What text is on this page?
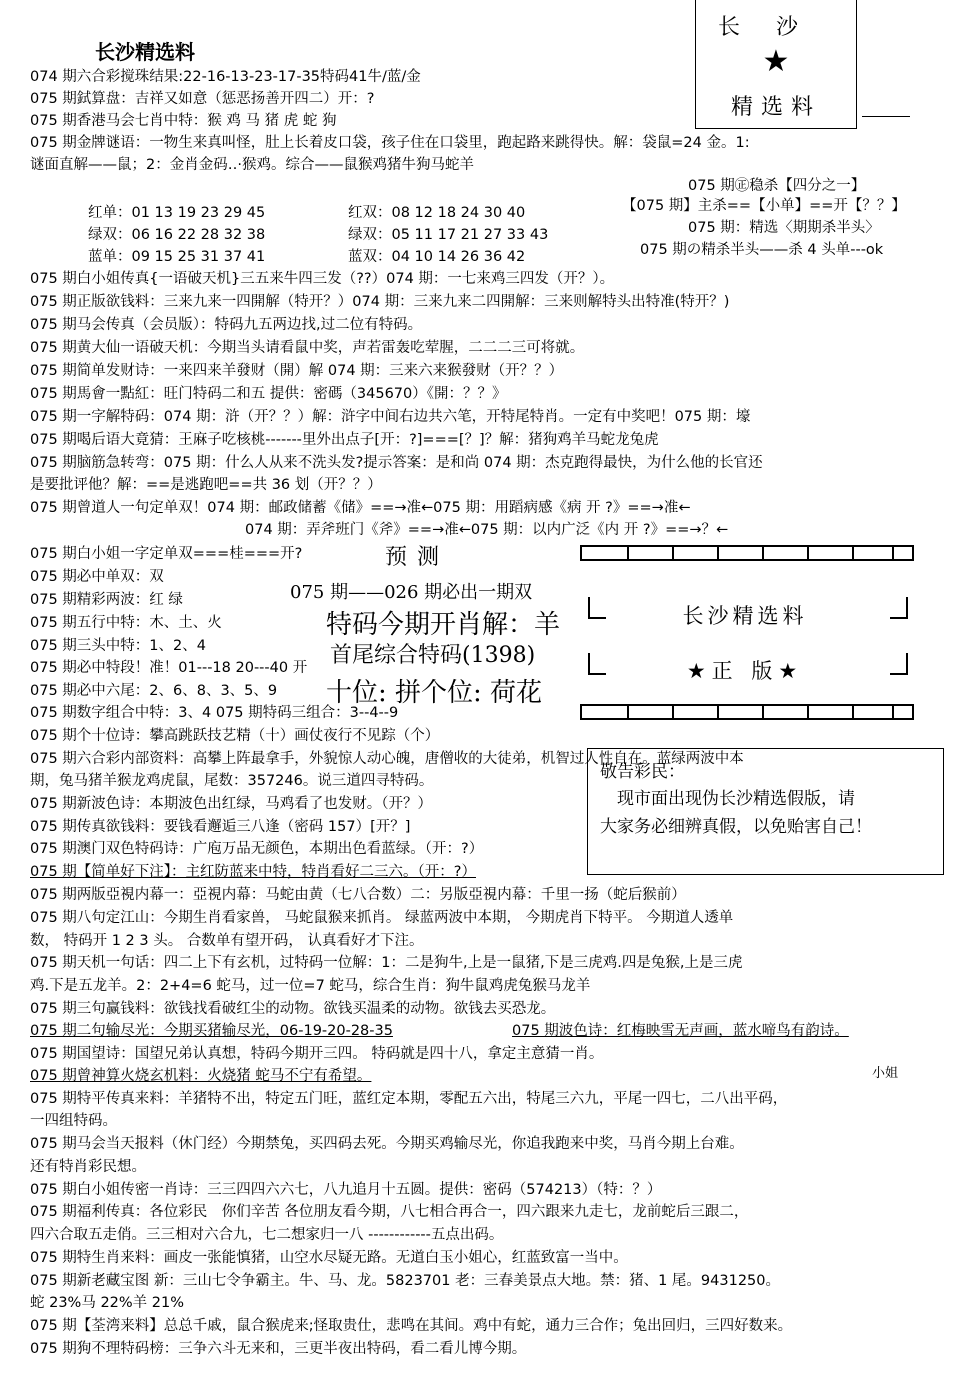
长沙精选料
长沙
★
精选料
074 期六合彩搅珠结果:22-16-13-23-17-35特码41牛/蓝/金
075 期鉽算盘：吉祥又如意（惩恶扬善开四二）开：?
075 期香港马会七肖中特：猴 鸡 马 猪 虎 蛇 狗
075 期金牌谜语：一物生来真叫怪，肚上长着皮口袋，孩子住在口袋里，跑起路来跳得快。解：袋鼠=24 金。1:
谜面直解——鼠；2：金肖金码‥·猴鸡。综合——鼠猴鸡猪牛狗马蛇羊
075 期㊣稳杀【四分之一】
【075 期】主杀==【小单】==开【？？】
075 期：精选〈期期杀半头〉
075 期の精杀半头——杀 4 头单---ok
红单：01 13 19 23 29 45	红双：08 12 18 24 30 40
绿双：06 16 22 28 32 38	绿双：05 11 17 21 27 33 43
蓝单：09 15 25 31 37 41	蓝双：04 10 14 26 36 42
075 期白小姐传真{一语破天机}三五来牛四三发（??）074 期：一七来鸡三四发（开？）。
075 期正版欲钱料：三来九来一四開解（特开？）074 期：三来九来二四開解：三来则解特头出特准(特开？)
075 期马会传真（会员版）：特码九五两边找,过二位有特码。
075 期黄大仙一语破天机：今期当头请看鼠中奖，声若雷轰吃荤腥，二二二三可将就。
075 期简单发财诗：一来四来羊發财（開）解 074 期：三来六来猴發财（开？？）
075 期馬會一點紅：旺门特码二和五 提供：密碼（345670）《開：？？》
075 期一字解特码：074 期：浒（开？？）解：浒字中间右边共六笔，开特尾特肖。一定有中奖吧！075 期：壕
075 期喝后语大竟猜：王麻子吃核桃-------里外出点子[开：?]===[？]？解：猪狗鸡羊马蛇龙兔虎
075 期脑筋急转弯：075 期：什么人从来不洗头发?提示答案：是和尚 074 期：杰克跑得最快，为什么他的长官还
是要批评他？解：==是逃跑吧==共 36 划（开？？）
075 期曾道人一句定单双！074 期：邮政储蓄《储》==→准←075 期：用蹈病感《病 开 ?》==→准←
074 期：弄斧班门《斧》==→准←075 期：以内广泛《内 开 ?》==→？←
075 期白小姐一字定单双===桂===开?
075 期必中单双：双
075 期精彩两波：红 绿
075 期五行中特：木、土、火
075 期三头中特：1、2、4
075 期必中特段！准！01---18 20---40 开
075 期必中六尾：2、6、8、3、5、9
075 期数字组合中特：3、4 075 期特码三组合：3--4--9
075 期个十位诗：攀高跳跃技艺精（十）画仗夜行不见踪（个）
075 期六合彩内部资料：高攀上阵最拿手，外貌惊人动心魄，唐僧收的大徒弟，机智过人性自在。蓝绿两波中本
期，兔马猪羊猴龙鸡虎鼠，尾数：357246。说三道四寻特码。
075 期新波色诗：本期波色出红绿，马鸡看了也发财。（开？）
075 期传真欲钱料：要钱看邂逅三八逢（密码 157）[开？]
075 期澳门双色特码诗：广庖万品无颜色，本期出色看蓝绿。（开：?）
075 期【简单好下注】：主红防蓝来中特，特肖看好二三六。（开：?）
预测
075 期——026 期必出一期双
特码今期开肖解：羊
首尾综合特码(1398)
十位: 拼个位: 荷花
长沙精选料
★正 版★
敬告彩民：
　现市面出现伪长沙精选假版，请
大家务必细辨真假，以免贻害自己！
075 期两版亞視内幕一：亞視内幕：马蛇由黄（七八合数）二：另版亞視内幕：千里一扬（蛇后猴前）
075 期八句定江山：今期生肖看家兽， 马蛇鼠猴来抓肖。 绿蓝两波中本期， 今期虎肖下特平。 今期道人透单
数， 特码开 1 2 3 头。 合数单有望开码， 认真看好才下注。
075 期天机一句话：四二上下有玄机，过特码一位解：1：二是狗牛,上是一鼠猪,下是三虎鸡.四是兔猴,上是三虎
鸡.下是五龙羊。2：2+4=6 蛇马，过一位=7 蛇马，综合生肖：狗牛鼠鸡虎兔猴马龙羊
075 期三句赢钱料：欲钱找看破红尘的动物。欲钱买温柔的动物。欲钱去买恐龙。
075 期二句输尽光：今期买猪输尽光，06-19-20-28-35	075 期波色诗：红梅映雪无声画，蓝水啼鸟有韵诗。
075 期国望诗：国望兄弟认真想，特码今期开三四。 特码就是四十八，拿定主意猜一肖。
075 期曾神算火烧玄机料：火烧猪 蛇马不宁有希望。	小姐
075 期特平传真来料：羊猪特不出，特定五门旺，蓝红定本期，零配五六出，特尾三六九，平尾一四七，二八出平码，
一四组特码。
075 期马会当天报料（休门经）今期禁兔，买四码去死。今期买鸡输尽光，你追我跑来中奖，马肖今期上台难。
还有特肖彩民想。
075 期白小姐传密一肖诗：三三四四六六七，八九追月十五圆。提供：密码（574213）（特：？）
075 期福利传真：各位彩民　你们辛苦 各位朋友看今期，八七相合再合一，四六跟来九走七，龙前蛇后三跟二，
四六合取五走俏。三三相对六合九，七二想家归一八 ------------五点出码。
075 期特生肖来料：画皮一张能慎猪，山空水尽疑无路。无道白玉小姐心，红蓝致富一当中。
075 期新老藏宝图 新：三山七令争霸主。牛、马、龙。5823701 老：三春美景点大地。禁：猪、1 尾。9431250。
蛇 23%马 22%羊 21%
075 期【荃湾来料】总总千戚，鼠合猴虎来;怪取贵仕，悲鸣在其间。鸡中有蛇，通力三合作；兔出回归，三四好数来。
075 期狗不理特码榜：三争六斗无来和，三更半夜出特码，看二看儿博今期。
